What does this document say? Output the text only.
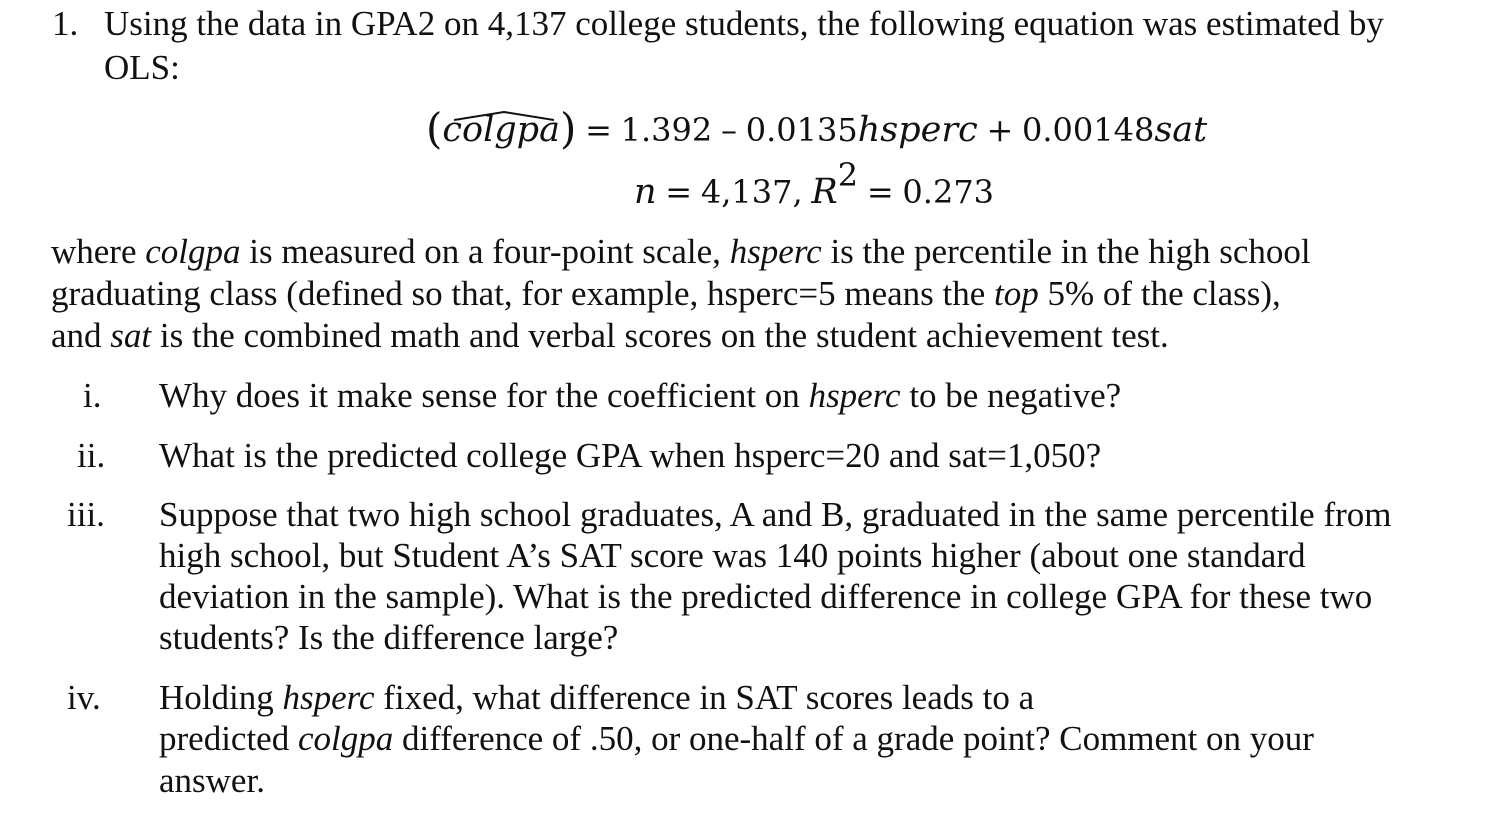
1. Using the data in GPA2 on 4,137 college students, the following equation was estimated by
OLS:
(colgpa
) = 1.392 – 0.0135hsperc + 0.00148sat
n = 4,137, $R^2 = 0.273$
where colgpa is measured on a four-point scale, hsperc is the percentile in the high school
graduating class (defined so that, for example, hsperc=5 means the top 5% of the class),
and sat is the combined math and verbal scores on the student achievement test.
i. Why does it make sense for the coefficient on hsperc to be negative?
ii. What is the predicted college GPA when hsperc=20 and sat=1,050?
iii. Suppose that two high school graduates, A and B, graduated in the same percentile from
high school, but Student A’s SAT score was 140 points higher (about one standard
deviation in the sample). What is the predicted difference in college GPA for these two
students? Is the difference large?
iv. Holding hsperc fixed, what difference in SAT scores leads to a
predicted colgpa difference of .50, or one-half of a grade point? Comment on your
answer.
